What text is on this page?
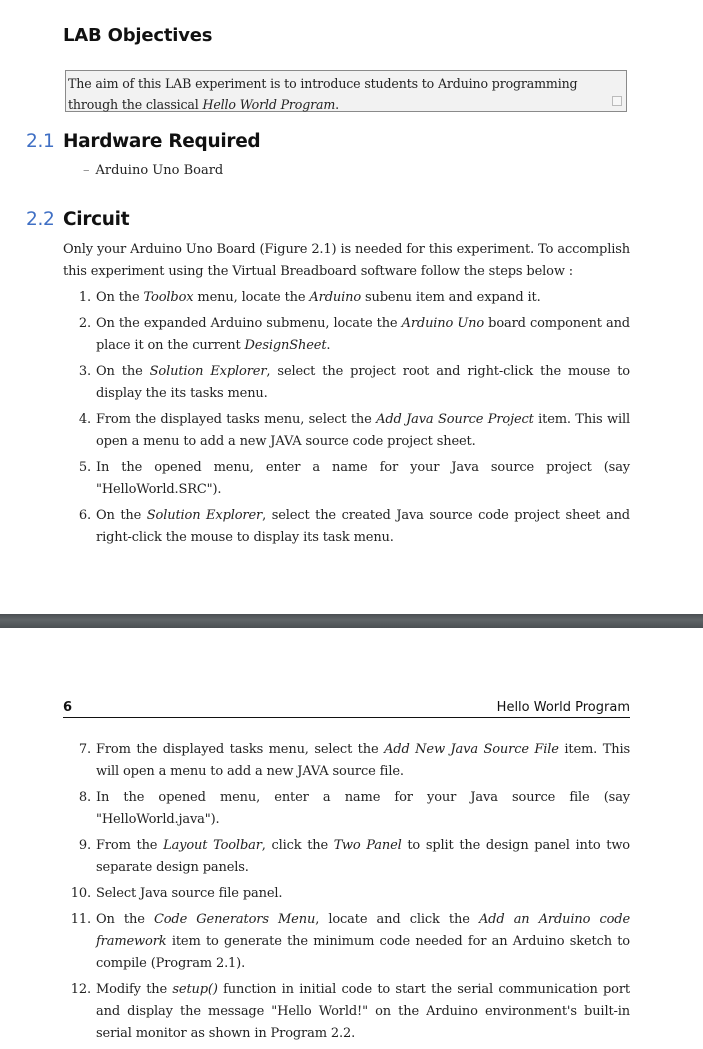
LAB Objectives
The aim of this LAB experiment is to introduce students to Arduino programming through the classical Hello World Program.
2.1 Hardware Required
– Arduino Uno Board
2.2 Circuit
Only your Arduino Uno Board (Figure 2.1) is needed for this experiment. To accomplish this experiment using the Virtual Breadboard software follow the steps below :
1. On the Toolbox menu, locate the Arduino subenu item and expand it.
2. On the expanded Arduino submenu, locate the Arduino Uno board component and place it on the current DesignSheet.
3. On the Solution Explorer, select the project root and right-click the mouse to display the its tasks menu.
4. From the displayed tasks menu, select the Add Java Source Project item. This will open a menu to add a new JAVA source code project sheet.
5. In the opened menu, enter a name for your Java source project (say "HelloWorld.SRC").
6. On the Solution Explorer, select the created Java source code project sheet and right-click the mouse to display its task menu.
6	Hello World Program
7. From the displayed tasks menu, select the Add New Java Source File item. This will open a menu to add a new JAVA source file.
8. In the opened menu, enter a name for your Java source file (say "HelloWorld.java").
9. From the Layout Toolbar, click the Two Panel to split the design panel into two separate design panels.
10. Select Java source file panel.
11. On the Code Generators Menu, locate and click the Add an Arduino code framework item to generate the minimum code needed for an Arduino sketch to compile (Program 2.1).
12. Modify the setup() function in initial code to start the serial communication port and display the message "Hello World!" on the Arduino environment's built-in serial monitor as shown in Program 2.2.
